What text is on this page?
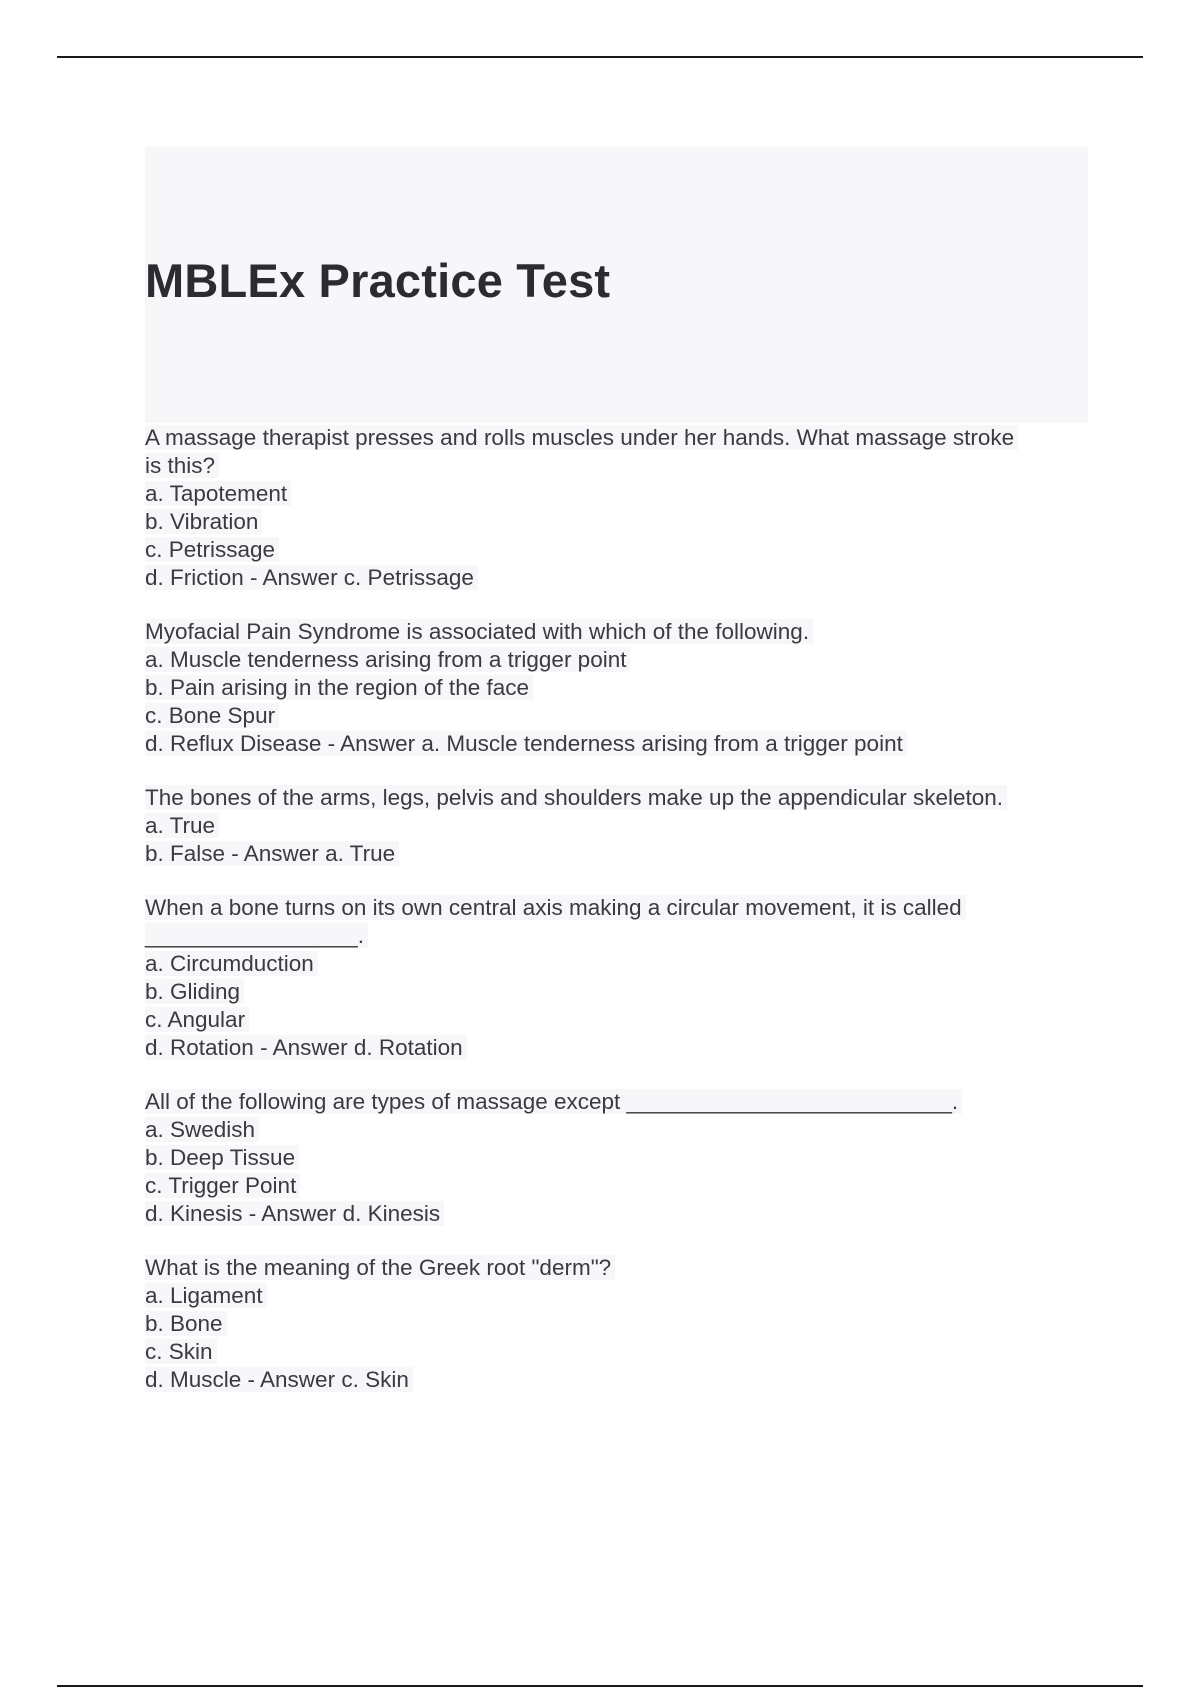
MBLEx Practice Test
A massage therapist presses and rolls muscles under her hands. What massage stroke
is this?
a. Tapotement
b. Vibration
c. Petrissage
d. Friction - Answer c. Petrissage
Myofacial Pain Syndrome is associated with which of the following.
a. Muscle tenderness arising from a trigger point
b. Pain arising in the region of the face
c. Bone Spur
d. Reflux Disease - Answer a. Muscle tenderness arising from a trigger point
The bones of the arms, legs, pelvis and shoulders make up the appendicular skeleton.
a. True
b. False - Answer a. True
When a bone turns on its own central axis making a circular movement, it is called
_________________.
a. Circumduction
b. Gliding
c. Angular
d. Rotation - Answer d. Rotation
All of the following are types of massage except __________________________.
a. Swedish
b. Deep Tissue
c. Trigger Point
d. Kinesis - Answer d. Kinesis
What is the meaning of the Greek root "derm"?
a. Ligament
b. Bone
c. Skin
d. Muscle - Answer c. Skin
